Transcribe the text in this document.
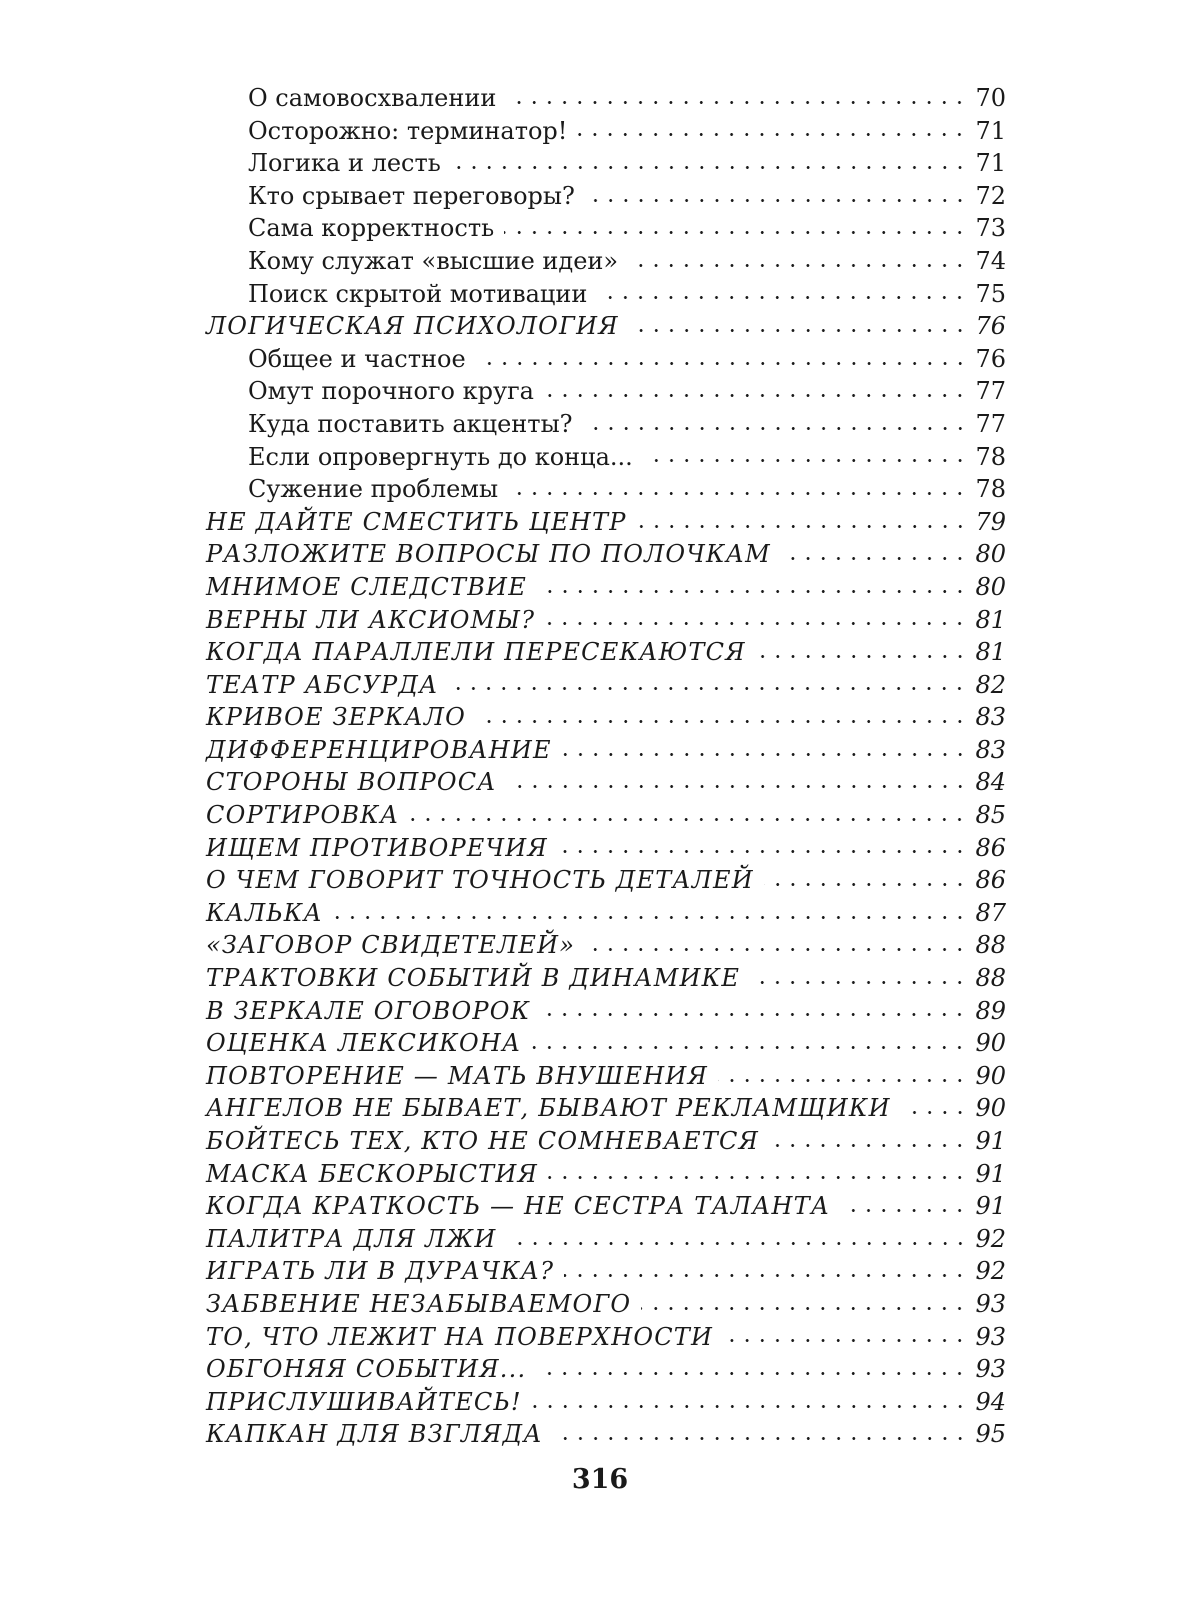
О самовосхвалении	70
Осторожно: терминатор!	71
Логика и лесть	71
Кто срывает переговоры?	72
Сама корректность	73
Кому служат «высшие идеи»	74
Поиск скрытой мотивации	75
ЛОГИЧЕСКАЯ ПСИХОЛОГИЯ	76
Общее и частное	76
Омут порочного круга	77
Куда поставить акценты?	77
Если опровергнуть до конца...	78
Сужение проблемы	78
НЕ ДАЙТЕ СМЕСТИТЬ ЦЕНТР	79
РАЗЛОЖИТЕ ВОПРОСЫ ПО ПОЛОЧКАМ	80
МНИМОЕ СЛЕДСТВИЕ	80
ВЕРНЫ ЛИ АКСИОМЫ?	81
КОГДА ПАРАЛЛЕЛИ ПЕРЕСЕКАЮТСЯ	81
ТЕАТР АБСУРДА	82
КРИВОЕ ЗЕРКАЛО	83
ДИФФЕРЕНЦИРОВАНИЕ	83
СТОРОНЫ ВОПРОСА	84
СОРТИРОВКА	85
ИЩЕМ ПРОТИВОРЕЧИЯ	86
О ЧЕМ ГОВОРИТ ТОЧНОСТЬ ДЕТАЛЕЙ	86
КАЛЬКА	87
«ЗАГОВОР СВИДЕТЕЛЕЙ»	88
ТРАКТОВКИ СОБЫТИЙ В ДИНАМИКЕ	88
В ЗЕРКАЛЕ ОГОВОРОК	89
ОЦЕНКА ЛЕКСИКОНА	90
ПОВТОРЕНИЕ — МАТЬ ВНУШЕНИЯ	90
АНГЕЛОВ НЕ БЫВАЕТ, БЫВАЮТ РЕКЛАМЩИКИ	90
БОЙТЕСЬ ТЕХ, КТО НЕ СОМНЕВАЕТСЯ	91
МАСКА БЕСКОРЫСТИЯ	91
КОГДА КРАТКОСТЬ — НЕ СЕСТРА ТАЛАНТА	91
ПАЛИТРА ДЛЯ ЛЖИ	92
ИГРАТЬ ЛИ В ДУРАЧКА?	92
ЗАБВЕНИЕ НЕЗАБЫВАЕМОГО	93
ТО, ЧТО ЛЕЖИТ НА ПОВЕРХНОСТИ	93
ОБГОНЯЯ СОБЫТИЯ...	93
ПРИСЛУШИВАЙТЕСЬ!	94
КАПКАН ДЛЯ ВЗГЛЯДА	95
316
